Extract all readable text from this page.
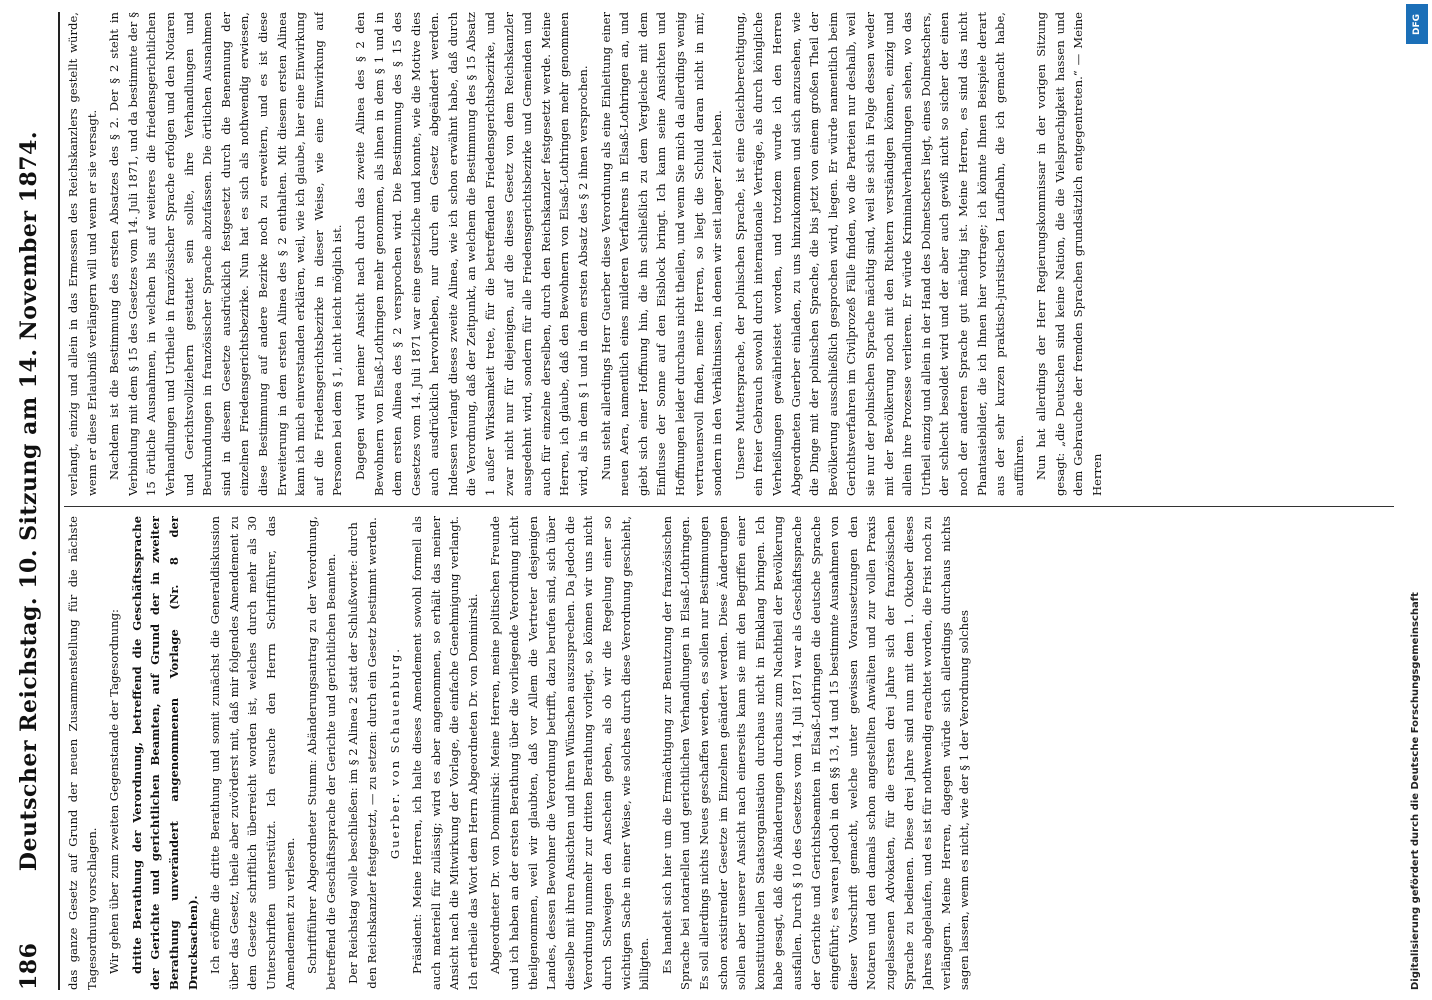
186
Deutscher Reichstag. 10. Sitzung am 14. November 1874. das ganze Gesetz auf Grund der neuen Zusammenstellung für die nächste Tagesordnung vorschlagen. Wir gehen über zum zweiten Gegenstande der Tagesordnung: dritte Berathung der Verordnung, betreffend die Geschäftssprache der Gerichte und gerichtlichen Beamten, auf Grund der in zweiter Berathung unverändert angenommenen Vorlage (Nr. 8 der Drucksachen). Ich eröffne die dritte Berathung und somit zunächst die Generaldiskussion über das Gesetz, theile aber zuvörderst mit, daß mir folgendes Amendement zu dem Gesetze schriftlich überreicht worden ist, welches durch mehr als 30 Unterschriften unterstützt. Ich ersuche den Herrn Schriftführer, das Amendement zu verlesen. Schriftführer Abgeordneter Stumm: Abänderungsantrag zu der Verordnung, betreffend die Geschäftssprache der Gerichte und gerichtlichen Beamten. Der Reichstag wolle beschließen: im § 2 Alinea 2 statt der Schlußworte: durch den Reichskanzler festgesetzt, — zu setzen: durch ein Gesetz bestimmt werden. Guerber. von Schauenburg. Präsident: Meine Herren, ich halte dieses Amendement sowohl formell als auch materiell für zulässig; wird es aber angenommen, so erhält das meiner Ansicht nach die Mitwirkung der Vorlage, die einfache Genehmigung verlangt. Ich ertheile das Wort dem Herrn Abgeordneten Dr. von Dominirski. Abgeordneter Dr. von Dominirski: Meine Herren, meine politischen Freunde und ich haben an der ersten Berathung über die vorliegende Verordnung nicht theilgenommen, weil wir glaubten, daß vor Allem die Vertreter desjenigen Landes, dessen Bewohner die Verordnung betrifft, dazu berufen sind, sich über dieselbe mit ihren Ansichten und ihren Wünschen auszusprechen. Da jedoch die Verordnung nunmehr zur dritten Berathung vorliegt, so können wir uns nicht durch Schweigen den Anschein geben, als ob wir die Regelung einer so wichtigen Sache in einer Weise, wie solches durch diese Verordnung geschieht, billigten. Es handelt sich hier um die Ermächtigung zur Benutzung der französischen Sprache bei notariellen und gerichtlichen Verhandlungen in Elsaß-Lothringen. Es soll allerdings nichts Neues geschaffen werden, es sollen nur Bestimmungen schon existirender Gesetze im Einzelnen geändert werden. Diese Änderungen sollen aber unserer Ansicht nach einerseits kann sie mit den Begriffen einer konstitutionellen Staatsorganisation durchaus nicht in Einklang bringen. Ich habe gesagt, daß die Abänderungen durchaus zum Nachtheil der Bevölkerung ausfallen. Durch § 10 des Gesetzes vom 14. Juli 1871 war als Geschäftssprache der Gerichte und Gerichtsbeamten in Elsaß-Lothringen die deutsche Sprache eingeführt; es waren jedoch in den §§ 13, 14 und 15 bestimmte Ausnahmen von dieser Vorschrift gemacht, welche unter gewissen Voraussetzungen den Notaren und den damals schon angestellten Anwälten und zur vollen Praxis zugelassenen Advokaten, für die ersten drei Jahre sich der französischen Sprache zu bedienen. Diese drei Jahre sind nun mit dem 1. Oktober dieses Jahres abgelaufen, und es ist für nothwendig erachtet worden, die Frist noch zu verlängern. Meine Herren, dagegen würde sich allerdings durchaus nichts sagen lassen, wenn es nicht, wie der § 1 der Verordnung solches

verlangt, einzig und allein in das Ermessen des Reichskanzlers gestellt würde, wenn er diese Erlaubniß verlängern will und wenn er sie versagt. Nachdem ist die Bestimmung des ersten Absatzes des § 2. Der § 2 steht in Verbindung mit dem § 15 des Gesetzes vom 14. Juli 1871, und da bestimmte der § 15 örtliche Ausnahmen, in welchen bis auf weiteres die friedensgerichtlichen Verhandlungen und Urtheile in französischer Sprache erfolgen und den Notaren und Gerichtsvollziehern gestattet sein sollte, ihre Verhandlungen und Beurkundungen in französischer Sprache abzufassen. Die örtlichen Ausnahmen sind in diesem Gesetze ausdrücklich festgesetzt durch die Benennung der einzelnen Friedensgerichtsbezirke. Nun hat es sich als nothwendig erwiesen, diese Bestimmung auf andere Bezirke noch zu erweitern, und es ist diese Erweiterung in dem ersten Alinea des § 2 enthalten. Mit diesem ersten Alinea kann ich mich einverstanden erklären, weil, wie ich glaube, hier eine Einwirkung auf die Friedensgerichtsbezirke in dieser Weise, wie eine Einwirkung auf Personen bei dem § 1, nicht leicht möglich ist. Dagegen wird meiner Ansicht nach durch das zweite Alinea des § 2 den Bewohnern von Elsaß-Lothringen mehr genommen, als ihnen in dem § 1 und in dem ersten Alinea des § 2 versprochen wird. Die Bestimmung des § 15 des Gesetzes vom 14. Juli 1871 war eine gesetzliche und konnte, wie die Motive dies auch ausdrücklich hervorheben, nur durch ein Gesetz abgeändert werden. Indessen verlangt dieses zweite Alinea, wie ich schon erwähnt habe, daß durch die Verordnung, daß der Zeitpunkt, an welchem die Bestimmung des § 15 Absatz 1 außer Wirksamkeit trete, für die betreffenden Friedensgerichtsbezirke, und zwar nicht nur für diejenigen, auf die dieses Gesetz von dem Reichskanzler ausgedehnt wird, sondern für alle Friedensgerichtsbezirke und Gemeinden und auch für einzelne derselben, durch den Reichskanzler festgesetzt werde. Meine Herren, ich glaube, daß den Bewohnern von Elsaß-Lothringen mehr genommen wird, als in dem § 1 und in dem ersten Absatz des § 2 ihnen versprochen. Nun steht allerdings Herr Guerber diese Verordnung als eine Einleitung einer neuen Aera, namentlich eines milderen Verfahrens in Elsaß-Lothringen an, und giebt sich einer Hoffnung hin, die ihn schließlich zu dem Vergleiche mit dem Einflusse der Sonne auf den Eisblock bringt. Ich kann seine Ansichten und Hoffnungen leider durchaus nicht theilen, und wenn Sie mich da allerdings wenig vertrauensvoll finden, meine Herren, so liegt die Schuld daran nicht in mir, sondern in den Verhältnissen, in denen wir seit langer Zeit leben. Unsere Muttersprache, der polnischen Sprache, ist eine Gleichberechtigung, ein freier Gebrauch sowohl durch internationale Verträge, als durch königliche Verheißungen gewährleistet worden, und trotzdem wurde ich den Herren Abgeordneten Guerber einladen, zu uns hinzukommen und sich anzusehen, wie die Dinge mit der polnischen Sprache, die bis jetzt von einem großen Theil der Bevölkerung ausschließlich gesprochen wird, liegen. Er würde namentlich beim Gerichtsverfahren im Civilprozeß Fälle finden, wo die Parteien nur deshalb, weil sie nur der polnischen Sprache mächtig sind, weil sie sich in Folge dessen weder mit der Bevölkerung noch mit den Richtern verständigen können, einzig und allein ihre Prozesse verlieren. Er würde Kriminalverhandlungen sehen, wo das Urtheil einzig und allein in der Hand des Dolmetschers liegt, eines Dolmetschers, der schlecht besoldet wird und der aber auch gewiß nicht so sicher der einen noch der anderen Sprache gut mächtig ist. Meine Herren, es sind das nicht Phantasiebilder, die ich Ihnen hier vortrage; ich könnte Ihnen Beispiele derart aus der sehr kurzen praktisch-juristischen Laufbahn, die ich gemacht habe, aufführen. Nun hat allerdings der Herr Regierungskommissar in der vorigen Sitzung gesagt: „die Deutschen sind keine Nation, die die Vielsprachigkeit hassen und dem Gebrauche der fremden Sprachen grundsätzlich entgegentreten.“ — Meine Herren

DFG
Digitalisierung gefördert durch die Deutsche Forschungsgemeinschaft
